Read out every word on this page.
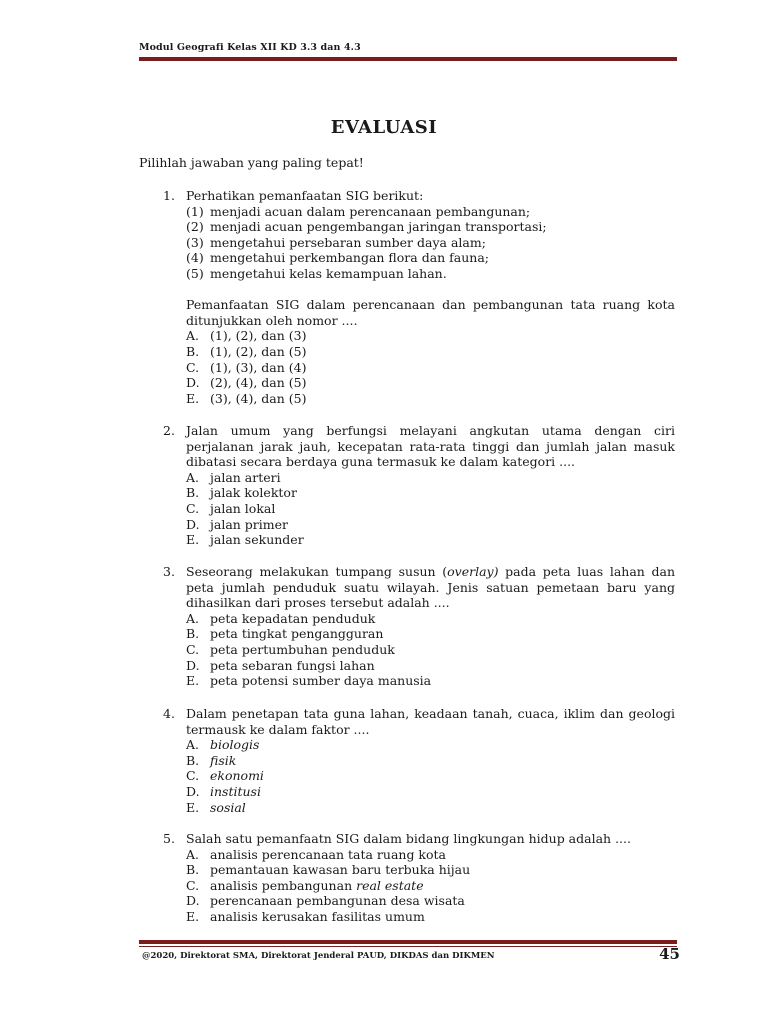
Modul Geografi Kelas XII KD 3.3 dan 4.3
EVALUASI
Pilihlah jawaban yang paling tepat!
1. Perhatikan pemanfaatan SIG berikut:
(1) menjadi acuan dalam perencanaan pembangunan;
(2) menjadi acuan pengembangan jaringan transportasi;
(3) mengetahui persebaran sumber daya alam;
(4) mengetahui perkembangan flora dan fauna;
(5) mengetahui kelas kemampuan lahan.
Pemanfaatan SIG dalam perencanaan dan pembangunan tata ruang kota ditunjukkan oleh nomor ....
A. (1), (2), dan (3)
B. (1), (2), dan (5)
C. (1), (3), dan (4)
D. (2), (4), dan (5)
E. (3), (4), dan (5)
2. Jalan umum yang berfungsi melayani angkutan utama dengan ciri perjalanan jarak jauh, kecepatan rata-rata tinggi dan jumlah jalan masuk dibatasi secara berdaya guna termasuk ke dalam kategori ....
A. jalan arteri
B. jalak kolektor
C. jalan lokal
D. jalan primer
E. jalan sekunder
3. Seseorang melakukan tumpang susun (overlay) pada peta luas lahan dan peta jumlah penduduk suatu wilayah. Jenis satuan pemetaan baru yang dihasilkan dari proses tersebut adalah ....
A. peta kepadatan penduduk
B. peta tingkat pengangguran
C. peta pertumbuhan penduduk
D. peta sebaran fungsi lahan
E. peta potensi sumber daya manusia
4. Dalam penetapan tata guna lahan, keadaan tanah, cuaca, iklim dan geologi termausk ke dalam faktor ....
A. biologis
B. fisik
C. ekonomi
D. institusi
E. sosial
5. Salah satu pemanfaatn SIG dalam bidang lingkungan hidup adalah ....
A. analisis perencanaan tata ruang kota
B. pemantauan kawasan baru terbuka hijau
C. analisis pembangunan real estate
D. perencanaan pembangunan desa wisata
E. analisis kerusakan fasilitas umum
@2020, Direktorat SMA, Direktorat Jenderal PAUD, DIKDAS dan DIKMEN	45
